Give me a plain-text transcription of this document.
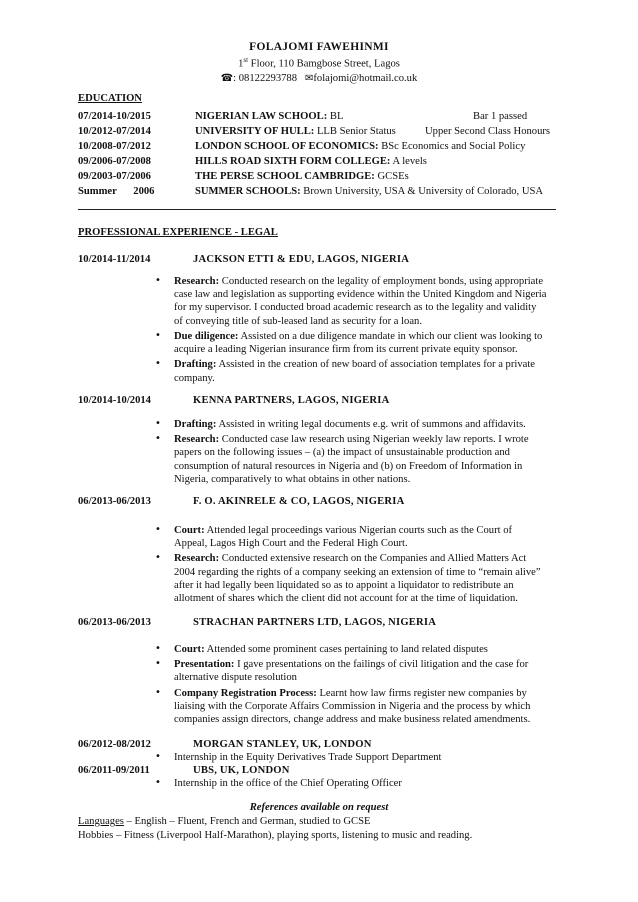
FOLAJOMI FAWEHINMI
1st Floor, 110 Bamgbose Street, Lagos
☎: 08122293788 ✉folajomi@hotmail.co.uk
EDUCATION
07/2014-10/2015	NIGERIAN LAW SCHOOL: BL	Bar 1 passed
10/2012-07/2014	UNIVERSITY OF HULL: LLB Senior Status	Upper Second Class Honours
10/2008-07/2012	LONDON SCHOOL OF ECONOMICS: BSc Economics and Social Policy
09/2006-07/2008	HILLS ROAD SIXTH FORM COLLEGE: A levels
09/2003-07/2006	THE PERSE SCHOOL CAMBRIDGE: GCSEs
Summer 2006	SUMMER SCHOOLS: Brown University, USA & University of Colorado, USA
PROFESSIONAL EXPERIENCE - LEGAL
10/2014-11/2014	JACKSON ETTI & EDU, LAGOS, NIGERIA
• Research: Conducted research on the legality of employment bonds, using appropriate case law and legislation as supporting evidence within the United Kingdom and Nigeria for my supervisor. I conducted broad academic research as to the legality and validity of conveying title of sub-leased land as security for a loan.
• Due diligence: Assisted on a due diligence mandate in which our client was looking to acquire a leading Nigerian insurance firm from its current private equity sponsor.
• Drafting: Assisted in the creation of new board of association templates for a private company.
10/2014-10/2014	KENNA PARTNERS, LAGOS, NIGERIA
• Drafting: Assisted in writing legal documents e.g. writ of summons and affidavits.
• Research: Conducted case law research using Nigerian weekly law reports. I wrote papers on the following issues – (a) the impact of unsustainable production and consumption of natural resources in Nigeria and (b) on Freedom of Information in Nigeria, comparatively to what obtains in other nations.
06/2013-06/2013	F. O. AKINRELE & CO, LAGOS, NIGERIA
• Court: Attended legal proceedings various Nigerian courts such as the Court of Appeal, Lagos High Court and the Federal High Court.
• Research: Conducted extensive research on the Companies and Allied Matters Act 2004 regarding the rights of a company seeking an extension of time to “remain alive” after it had legally been liquidated so as to appoint a liquidator to redistribute an allotment of shares which the client did not account for at the time of liquidation.
06/2013-06/2013	STRACHAN PARTNERS LTD, LAGOS, NIGERIA
• Court: Attended some prominent cases pertaining to land related disputes
• Presentation: I gave presentations on the failings of civil litigation and the case for alternative dispute resolution
• Company Registration Process: Learnt how law firms register new companies by liaising with the Corporate Affairs Commission in Nigeria and the process by which companies assign directors, change address and make business related amendments.
06/2012-08/2012	MORGAN STANLEY, UK, LONDON
• Internship in the Equity Derivatives Trade Support Department
06/2011-09/2011	UBS, UK, LONDON
• Internship in the office of the Chief Operating Officer
References available on request
Languages – English – Fluent, French and German, studied to GCSE
Hobbies – Fitness (Liverpool Half-Marathon), playing sports, listening to music and reading.
